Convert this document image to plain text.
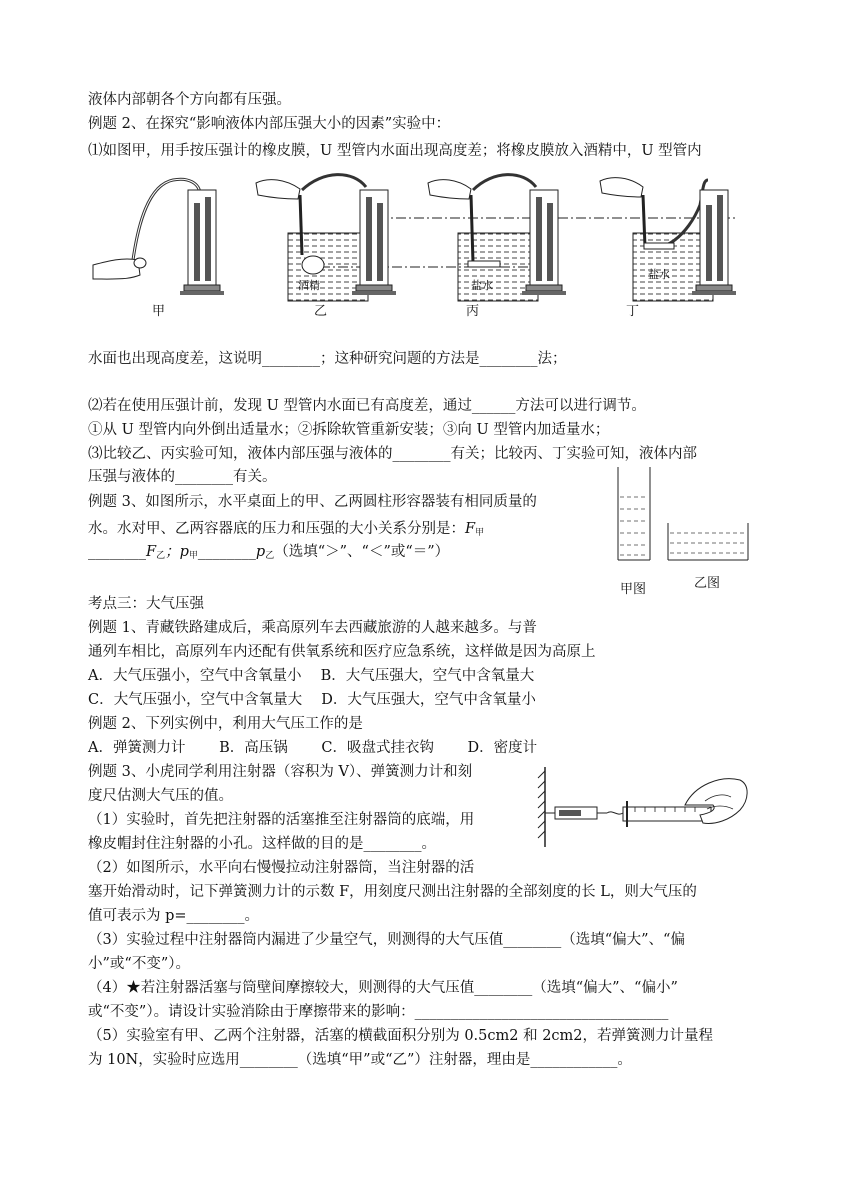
液体内部朝各个方向都有压强。
例题 2、在探究“影响液体内部压强大小的因素”实验中：
⑴如图甲，用手按压强计的橡皮膜，U 型管内水面出现高度差；将橡皮膜放入酒精中，U 型管内
酒精	盐水
盐水
甲	乙	丙	丁
水面也出现高度差，这说明________；这种研究问题的方法是________法；
⑵若在使用压强计前，发现 U 型管内水面已有高度差，通过______方法可以进行调节。
①从 U 型管内向外倒出适量水；②拆除软管重新安装；③向 U 型管内加适量水；
⑶比较乙、丙实验可知，液体内部压强与液体的________有关；比较丙、丁实验可知，液体内部
压强与液体的________有关。
例题 3、如图所示，水平桌面上的甲、乙两圆柱形容器装有相同质量的
水。水对甲、乙两容器底的压力和压强的大小关系分别是：$F_甲$
$\_\_\_\_\_\_\_\_F_乙$；$p_甲\_\_\_\_\_\_\_\_p_乙$（选填“＞”、“＜”或“＝”）
甲图	乙图
考点三：大气压强
例题 1、青藏铁路建成后，乘高原列车去西藏旅游的人越来越多。与普
通列车相比，高原列车内还配有供氧系统和医疗应急系统，这样做是因为高原上
A．大气压强小，空气中含氧量小　 B．大气压强大，空气中含氧量大
C．大气压强小，空气中含氧量大　 D．大气压强大，空气中含氧量小
例题 2、下列实例中，利用大气压工作的是
A．弹簧测力计　　 B．高压锅　　 C．吸盘式挂衣钩　　 D．密度计
例题 3、小虎同学利用注射器（容积为 V）、弹簧测力计和刻
度尺估测大气压的值。
（1）实验时，首先把注射器的活塞推至注射器筒的底端，用
橡皮帽封住注射器的小孔。这样做的目的是________。
（2）如图所示，水平向右慢慢拉动注射器筒，当注射器的活
塞开始滑动时，记下弹簧测力计的示数 F，用刻度尺测出注射器的全部刻度的长 L，则大气压的
值可表示为 p=________。
（3）实验过程中注射器筒内漏进了少量空气，则测得的大气压值________（选填“偏大”、“偏
小”或“不变”）。
（4）★若注射器活塞与筒壁间摩擦较大，则测得的大气压值________（选填“偏大”、“偏小”
或“不变”）。请设计实验消除由于摩擦带来的影响：___________________________________
（5）实验室有甲、乙两个注射器，活塞的横截面积分别为 0.5cm2 和 2cm2，若弹簧测力计量程
为 10N，实验时应选用________（选填“甲”或“乙”）注射器，理由是____________。
